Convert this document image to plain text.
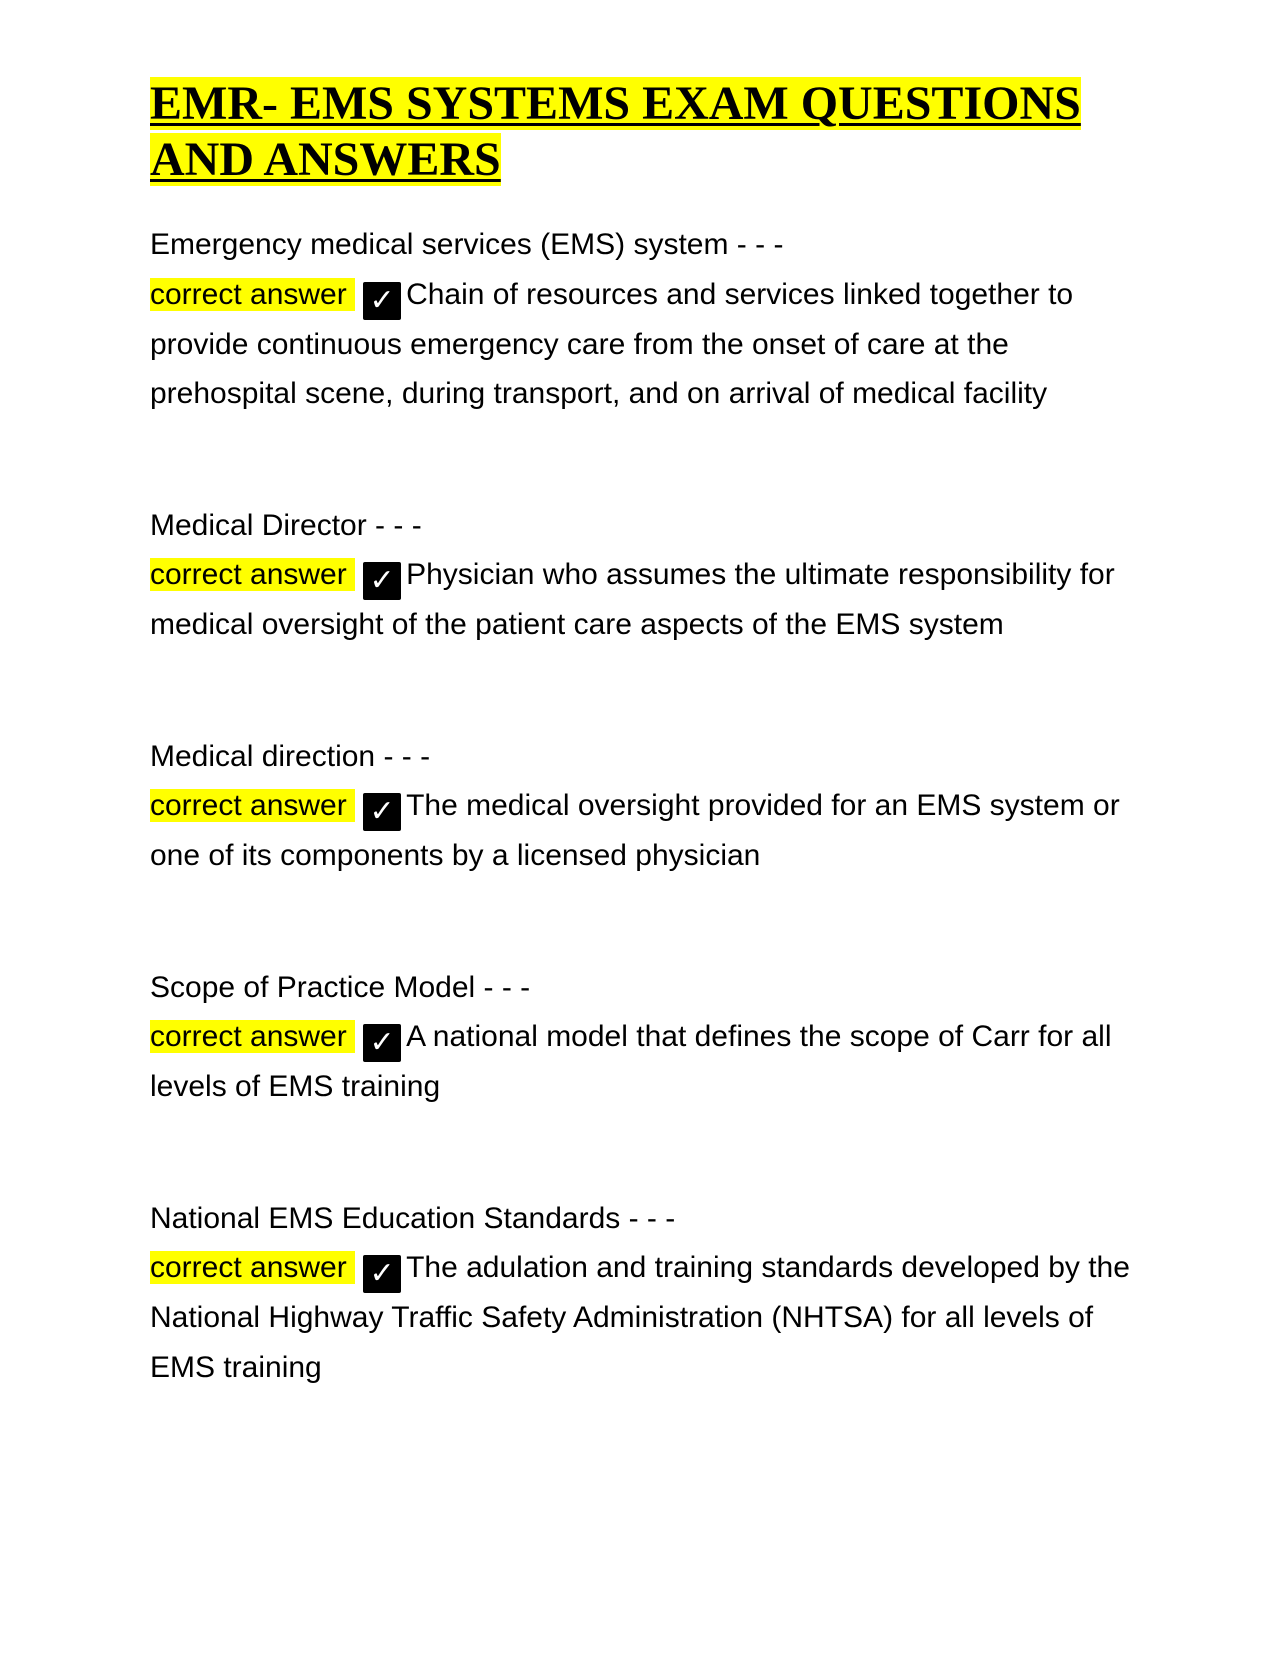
EMR- EMS SYSTEMS EXAM QUESTIONS AND ANSWERS
Emergency medical services (EMS) system - - -
correct answer ✓ Chain of resources and services linked together to provide continuous emergency care from the onset of care at the prehospital scene, during transport, and on arrival of medical facility
Medical Director - - -
correct answer ✓ Physician who assumes the ultimate responsibility for medical oversight of the patient care aspects of the EMS system
Medical direction - - -
correct answer ✓ The medical oversight provided for an EMS system or one of its components by a licensed physician
Scope of Practice Model - - -
correct answer ✓ A national model that defines the scope of Carr for all levels of EMS training
National EMS Education Standards - - -
correct answer ✓ The adulation and training standards developed by the National Highway Traffic Safety Administration (NHTSA) for all levels of EMS training
